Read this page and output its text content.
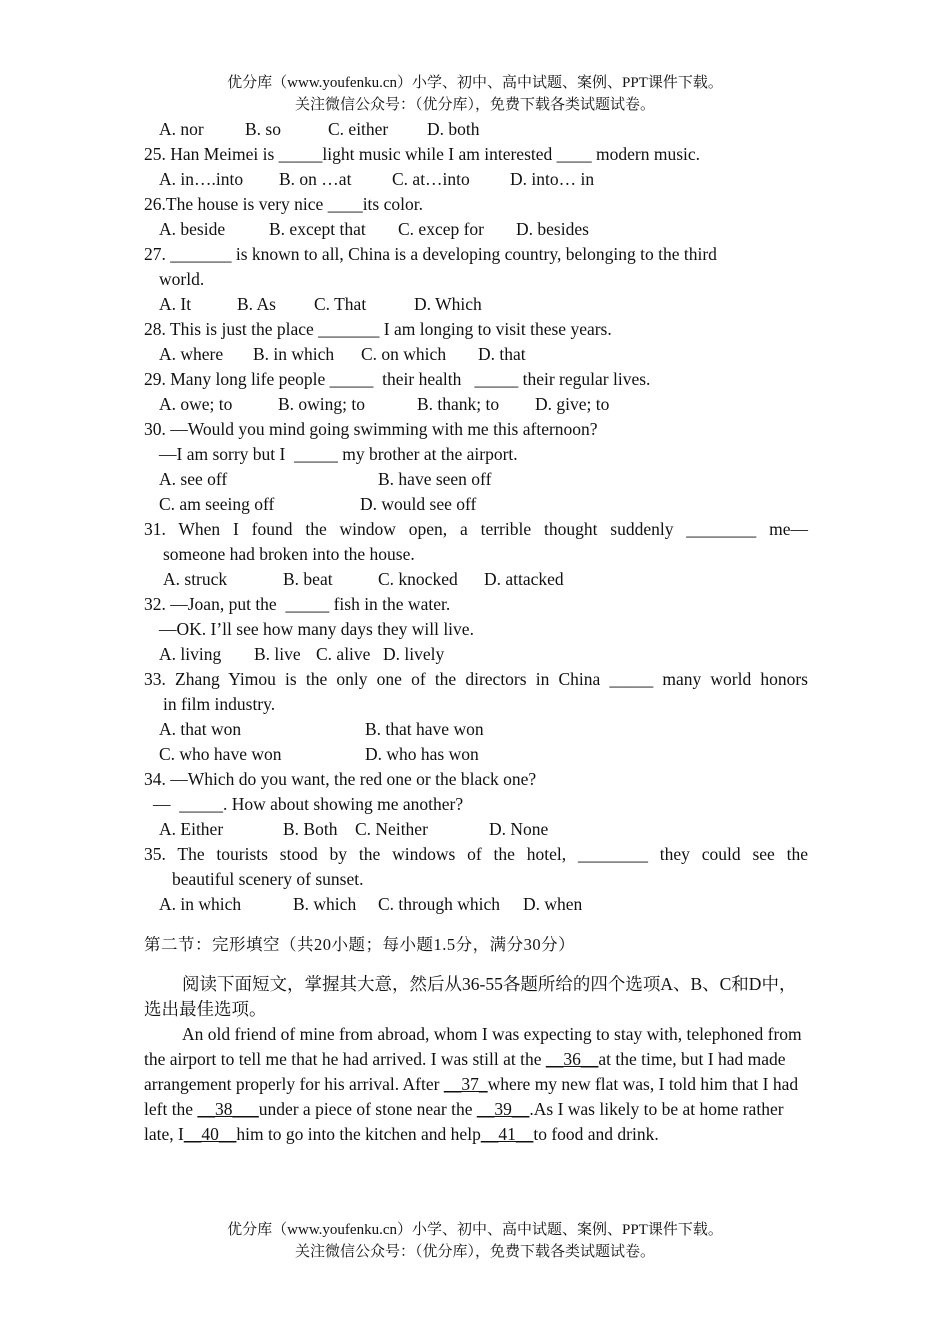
优分库（www.youfenku.cn）小学、初中、高中试题、案例、PPT课件下载。
关注微信公众号：（优分库），免费下载各类试题试卷。
A. nor B. so	C. either D. both
25. Han Meimei is _____light music while I am interested ____ modern music.
A. in….into B. on …at C. at…into D. into… in
26.The house is very nice ____its color.
A. beside	B. except that C. excep for D. besides
27. _______ is known to all, China is a developing country, belonging to the third
world.
A. It	B. As C. That	D. Which
28. This is just the place _______ I am longing to visit these years.
A. where B. in which C. on which D. that
29. Many long life people _____  their health   _____ their regular lives.
A. owe; to	B. owing; to	B. thank; to D. give; to
30. —Would you mind going swimming with me this afternoon?
—I am sorry but I  _____ my brother at the airport.
A. see off	B. have seen off
C. am seeing off	D. would see off
31. When I found the window open, a terrible thought suddenly ________ me—
someone had broken into the house.
A. struck	B. beat	C. knocked D. attacked
32. —Joan, put the  _____ fish in the water.
—OK. I’ll see how many days they will live.
A. living B. live C. alive D. lively
33. Zhang Yimou is the only one of the directors in China _____ many world honors
in film industry.
A. that won	B. that have won
C. who have won	D. who has won
34. —Which do you want, the red one or the black one?
—  _____. How about showing me another?
A. Either	B. Both C. Neither	D. None
35. The tourists stood by the windows of the hotel, ________ they could see the
beautiful scenery of sunset.
A. in which	B. which C. through which D. when
第二节：完形填空（共20小题；每小题1.5分，满分30分）
阅读下面短文，掌握其大意，然后从36-55各题所给的四个选项A、B、C和D中，选出最佳选项。
An old friend of mine from abroad, whom I was expecting to stay with, telephoned from the airport to tell me that he had arrived. I was still at the __36__at the time, but I had made arrangement properly for his arrival. After __37_where my new flat was, I told him that I had left the __38___under a piece of stone near the __39__.As I was likely to be at home rather late, I__40__him to go into the kitchen and help__41__to food and drink.
优分库（www.youfenku.cn）小学、初中、高中试题、案例、PPT课件下载。
关注微信公众号：（优分库），免费下载各类试题试卷。
